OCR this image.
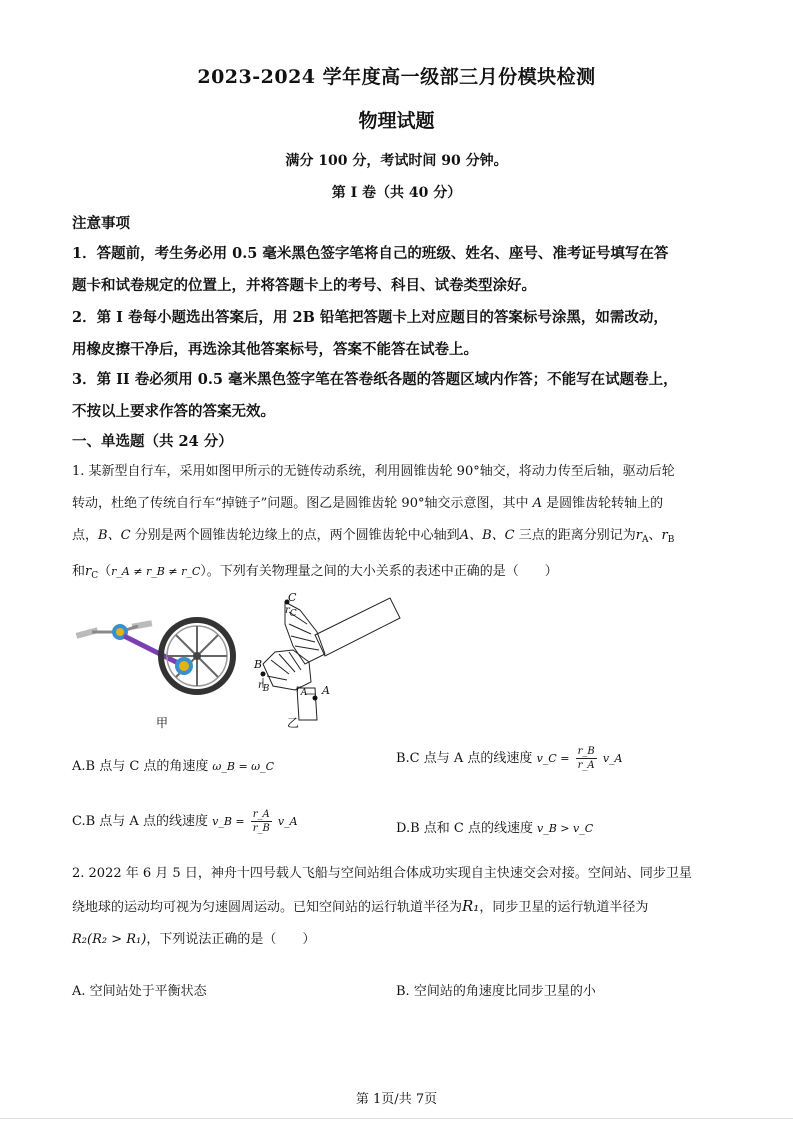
2023-2024 学年度高一级部三月份模块检测
物理试题
满分 100 分，考试时间 90 分钟。
第 I 卷（共 40 分）
注意事项
1．答题前，考生务必用 0.5 毫米黑色签字笔将自己的班级、姓名、座号、准考证号填写在答
题卡和试卷规定的位置上，并将答题卡上的考号、科目、试卷类型涂好。
2．第 I 卷每小题选出答案后，用 2B 铅笔把答题卡上对应题目的答案标号涂黑，如需改动，
用橡皮擦干净后，再选涂其他答案标号，答案不能答在试卷上。
3．第 II 卷必须用 0.5 毫米黑色签字笔在答卷纸各题的答题区域内作答；不能写在试题卷上，
不按以上要求作答的答案无效。
一、单选题（共 24 分）
1. 某新型自行车，采用如图甲所示的无链传动系统，利用圆锥齿轮 90°轴交，将动力传至后轴，驱动后轮
转动，杜绝了传统自行车“掉链子”问题。图乙是圆锥齿轮 90°轴交示意图，其中 A 是圆锥齿轮转轴上的
点，B、C 分别是两个圆锥齿轮边缘上的点，两个圆锥齿轮中心轴到A、B、C 三点的距离分别记为$r_A$、$r_B$
和$r_C(r\_A$ ≠ r_B ≠ r_C）。下列有关物理量之间的大小关系的表述中正确的是（　　）
甲
C
rC
B
rB	A
rA
乙
A.B 点与 C 点的角速度 ω_B = ω_C
B.C 点与 A 点的线速度 v_C = $\frac{r\_B}{r\_A}$ v_A
C.B 点与 A 点的线速度 v_B = $\frac{r\_A}{r\_B}$ v_A	D.B 点和 C 点的线速度 v_B > v_C
2. 2022 年 6 月 5 日，神舟十四号载人飞船与空间站组合体成功实现自主快速交会对接。空间站、同步卫星
绕地球的运动均可视为匀速圆周运动。已知空间站的运行轨道半径为R₁，同步卫星的运行轨道半径为
R₂(R₂ > R₁)，下列说法正确的是（　　）
A. 空间站处于平衡状态	B. 空间站的角速度比同步卫星的小
第 1页/共 7页
